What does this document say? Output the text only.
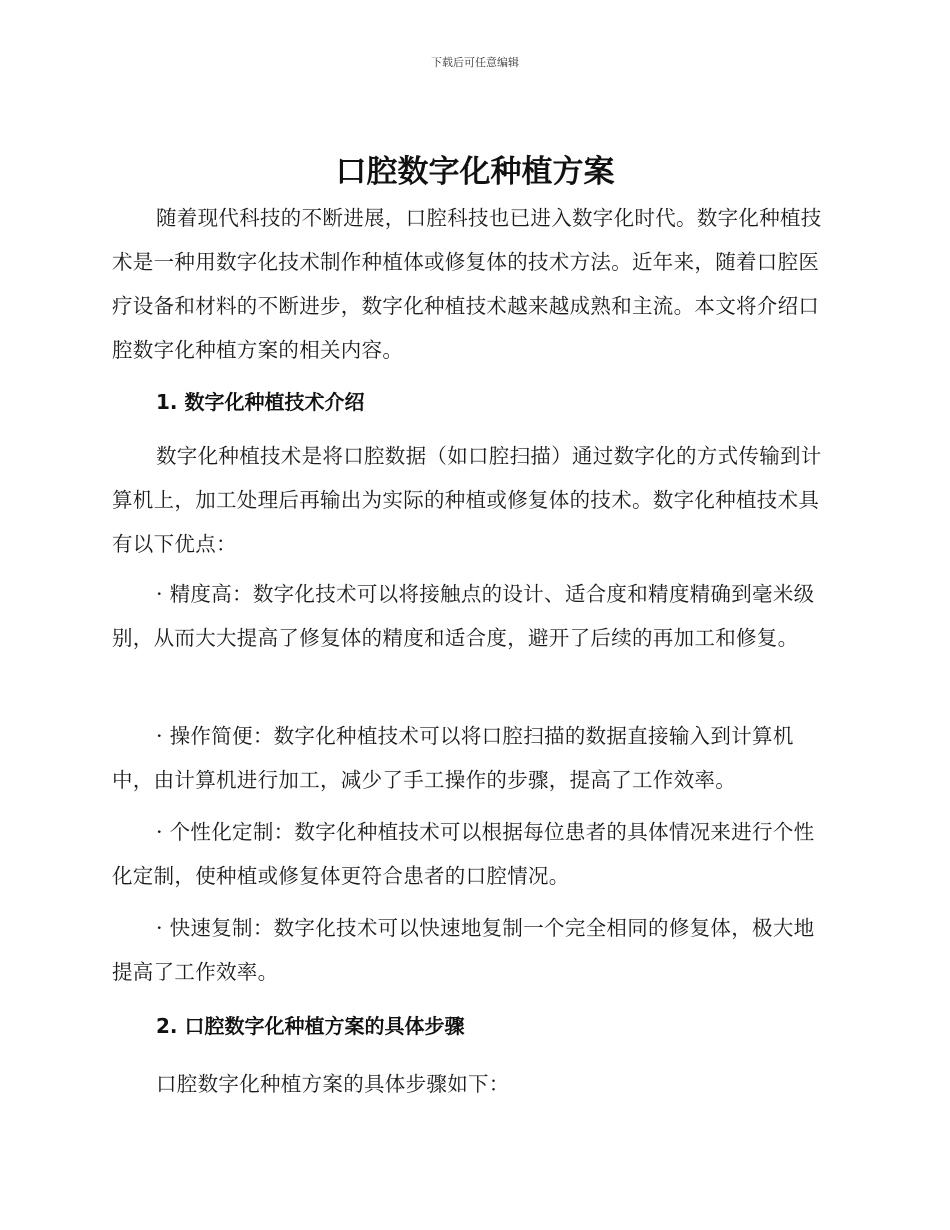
下载后可任意编辑
口腔数字化种植方案

随着现代科技的不断进展，口腔科技也已进入数字化时代。数字化种植技术是一种用数字化技术制作种植体或修复体的技术方法。近年来，随着口腔医疗设备和材料的不断进步，数字化种植技术越来越成熟和主流。本文将介绍口腔数字化种植方案的相关内容。

1. 数字化种植技术介绍

数字化种植技术是将口腔数据（如口腔扫描）通过数字化的方式传输到计算机上，加工处理后再输出为实际的种植或修复体的技术。数字化种植技术具有以下优点：

· 精度高：数字化技术可以将接触点的设计、适合度和精度精确到毫米级别，从而大大提高了修复体的精度和适合度，避开了后续的再加工和修复。

· 操作简便：数字化种植技术可以将口腔扫描的数据直接输入到计算机中，由计算机进行加工，减少了手工操作的步骤，提高了工作效率。

· 个性化定制：数字化种植技术可以根据每位患者的具体情况来进行个性化定制，使种植或修复体更符合患者的口腔情况。

· 快速复制：数字化技术可以快速地复制一个完全相同的修复体，极大地提高了工作效率。

2. 口腔数字化种植方案的具体步骤

口腔数字化种植方案的具体步骤如下：
